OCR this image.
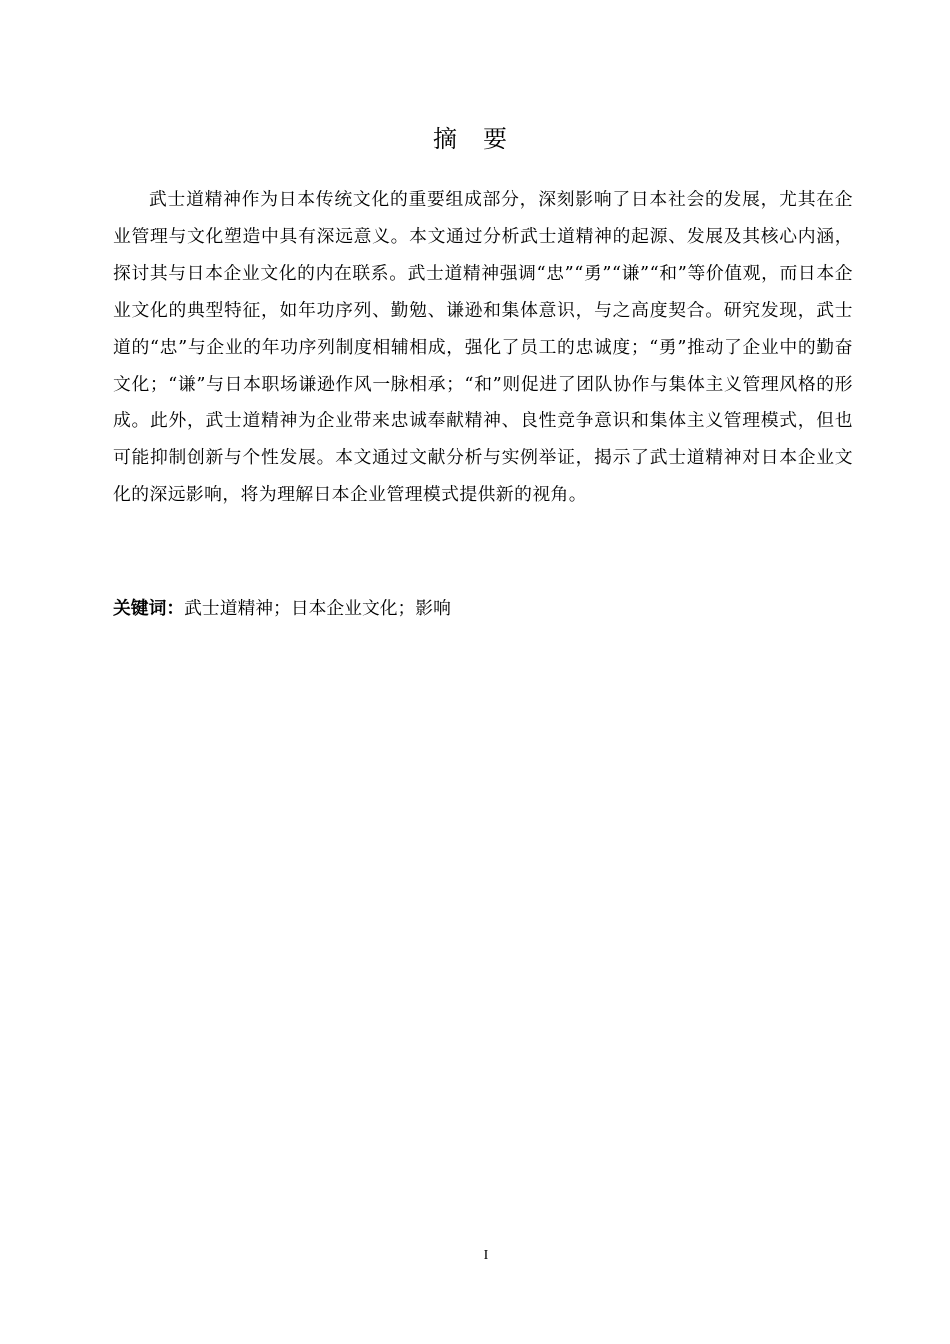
摘要

武士道精神作为日本传统文化的重要组成部分，深刻影响了日本社会的发展，尤其在企业管理与文化塑造中具有深远意义。本文通过分析武士道精神的起源、发展及其核心内涵，探讨其与日本企业文化的内在联系。武士道精神强调“忠”“勇”“谦”“和”等价值观，而日本企业文化的典型特征，如年功序列、勤勉、谦逊和集体意识，与之高度契合。研究发现，武士道的“忠”与企业的年功序列制度相辅相成，强化了员工的忠诚度；“勇”推动了企业中的勤奋文化；“谦”与日本职场谦逊作风一脉相承；“和”则促进了团队协作与集体主义管理风格的形成。此外，武士道精神为企业带来忠诚奉献精神、良性竞争意识和集体主义管理模式，但也可能抑制创新与个性发展。本文通过文献分析与实例举证，揭示了武士道精神对日本企业文化的深远影响，将为理解日本企业管理模式提供新的视角。

关键词：武士道精神；日本企业文化；影响
I
